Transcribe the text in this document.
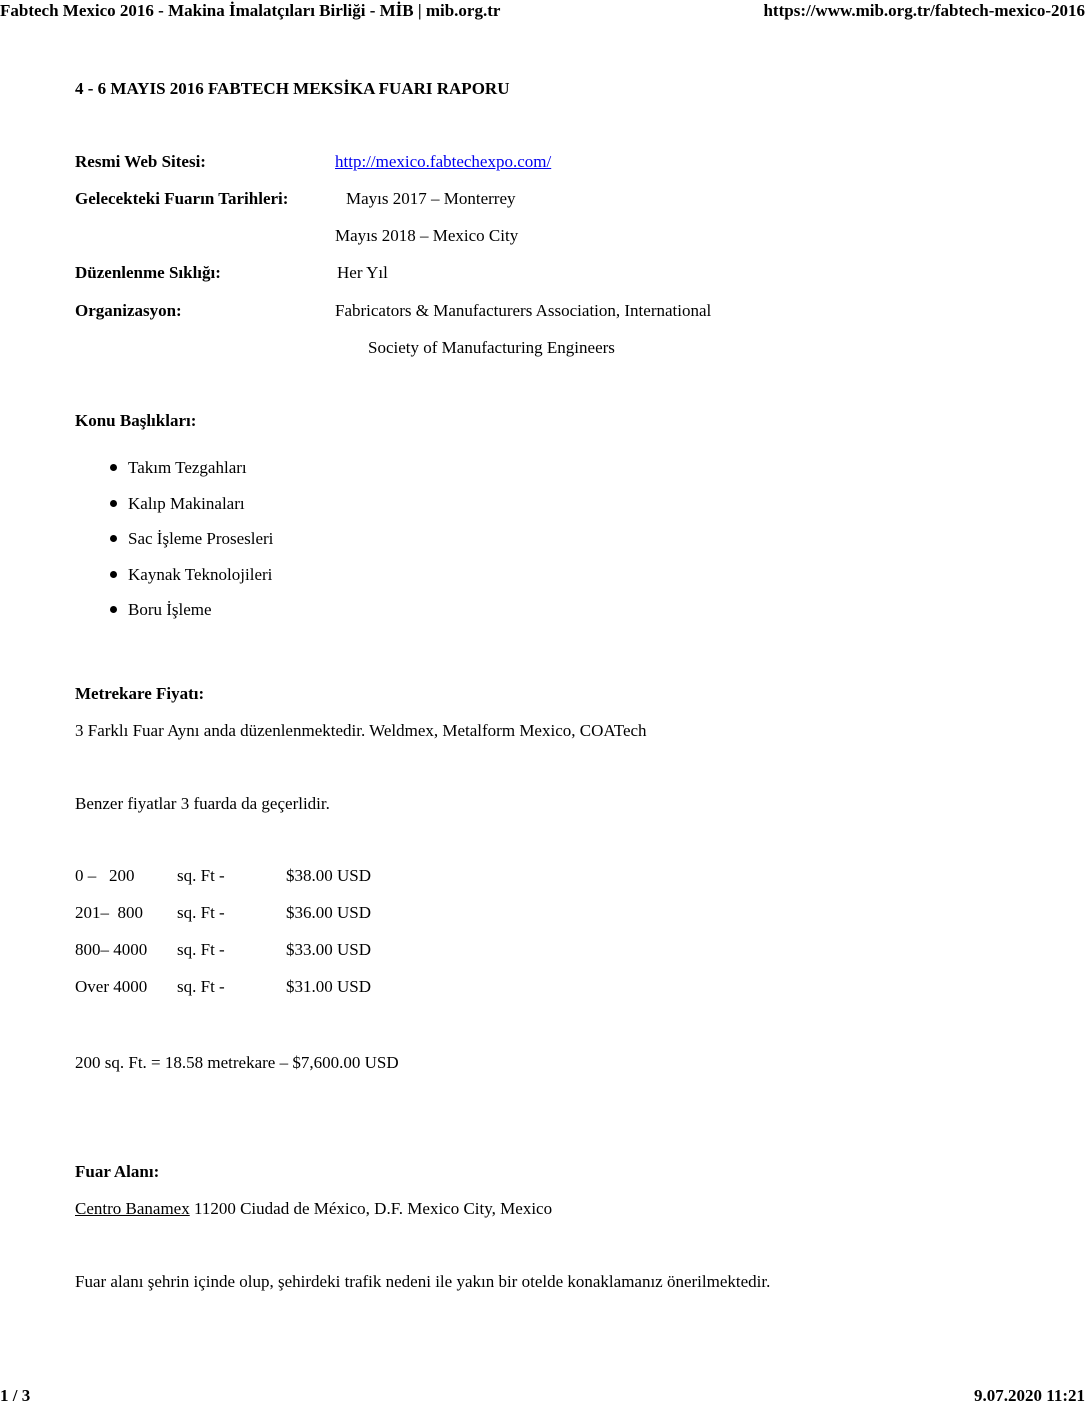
Fabtech Mexico 2016 - Makina İmalatçıları Birliği - MİB | mib.org.tr	https://www.mib.org.tr/fabtech-mexico-2016
4 - 6 MAYIS 2016 FABTECH MEKSİKA FUARI RAPORU
Resmi Web Sitesi:	http://mexico.fabtechexpo.com/
Gelecekteki Fuarın Tarihleri:	Mayıs 2017 – Monterrey
Mayıs 2018 – Mexico City
Düzenlenme Sıklığı:	Her Yıl
Organizasyon:	Fabricators & Manufacturers Association, International
Society of Manufacturing Engineers
Konu Başlıkları:
Takım Tezgahları
Kalıp Makinaları
Sac İşleme Prosesleri
Kaynak Teknolojileri
Boru İşleme
Metrekare Fiyatı:
3 Farklı Fuar Aynı anda düzenlenmektedir. Weldmex, Metalform Mexico, COATech
Benzer fiyatlar 3 fuarda da geçerlidir.
0 –   200	sq. Ft -	$38.00 USD
201–  800 sq. Ft -	$36.00 USD
800– 4000 sq. Ft -	$33.00 USD
Over 4000 sq. Ft -	$31.00 USD
200 sq. Ft. = 18.58 metrekare – $7,600.00 USD
Fuar Alanı:
Centro Banamex 11200 Ciudad de México, D.F. Mexico City, Mexico
Fuar alanı şehrin içinde olup, şehirdeki trafik nedeni ile yakın bir otelde konaklamanız önerilmektedir.
1 / 3	9.07.2020 11:21
